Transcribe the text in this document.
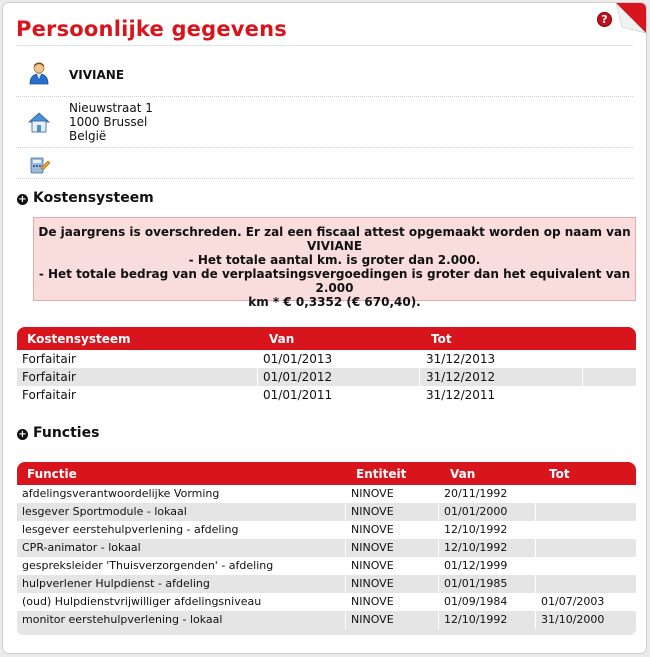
Persoonlijke gegevens	?
VIVIANE
Nieuwstraat 1
1000 Brussel
België
+ Kostensysteem
De jaargrens is overschreden. Er zal een fiscaal attest opgemaakt worden op naam van
VIVIANE
- Het totale aantal km. is groter dan 2.000.
- Het totale bedrag van de verplaatsingsvergoedingen is groter dan het equivalent van 2.000
km * € 0,3352 (€ 670,40).
Kostensysteem	Van	Tot
Forfaitair	01/01/2013	31/12/2013
Forfaitair	01/01/2012	31/12/2012
Forfaitair	01/01/2011	31/12/2011
+ Functies
Functie	Entiteit	Van	Tot
afdelingsverantwoordelijke Vorming	NINOVE	20/11/1992
lesgever Sportmodule - lokaal	NINOVE	01/01/2000
lesgever eerstehulpverlening - afdeling	NINOVE	12/10/1992
CPR-animator - lokaal	NINOVE	12/10/1992
gespreksleider 'Thuisverzorgenden' - afdeling	NINOVE	01/12/1999
hulpverlener Hulpdienst - afdeling	NINOVE	01/01/1985
(oud) Hulpdienstvrijwilliger afdelingsniveau	NINOVE	01/09/1984	01/07/2003
monitor eerstehulpverlening - lokaal	NINOVE	12/10/1992	31/10/2000
